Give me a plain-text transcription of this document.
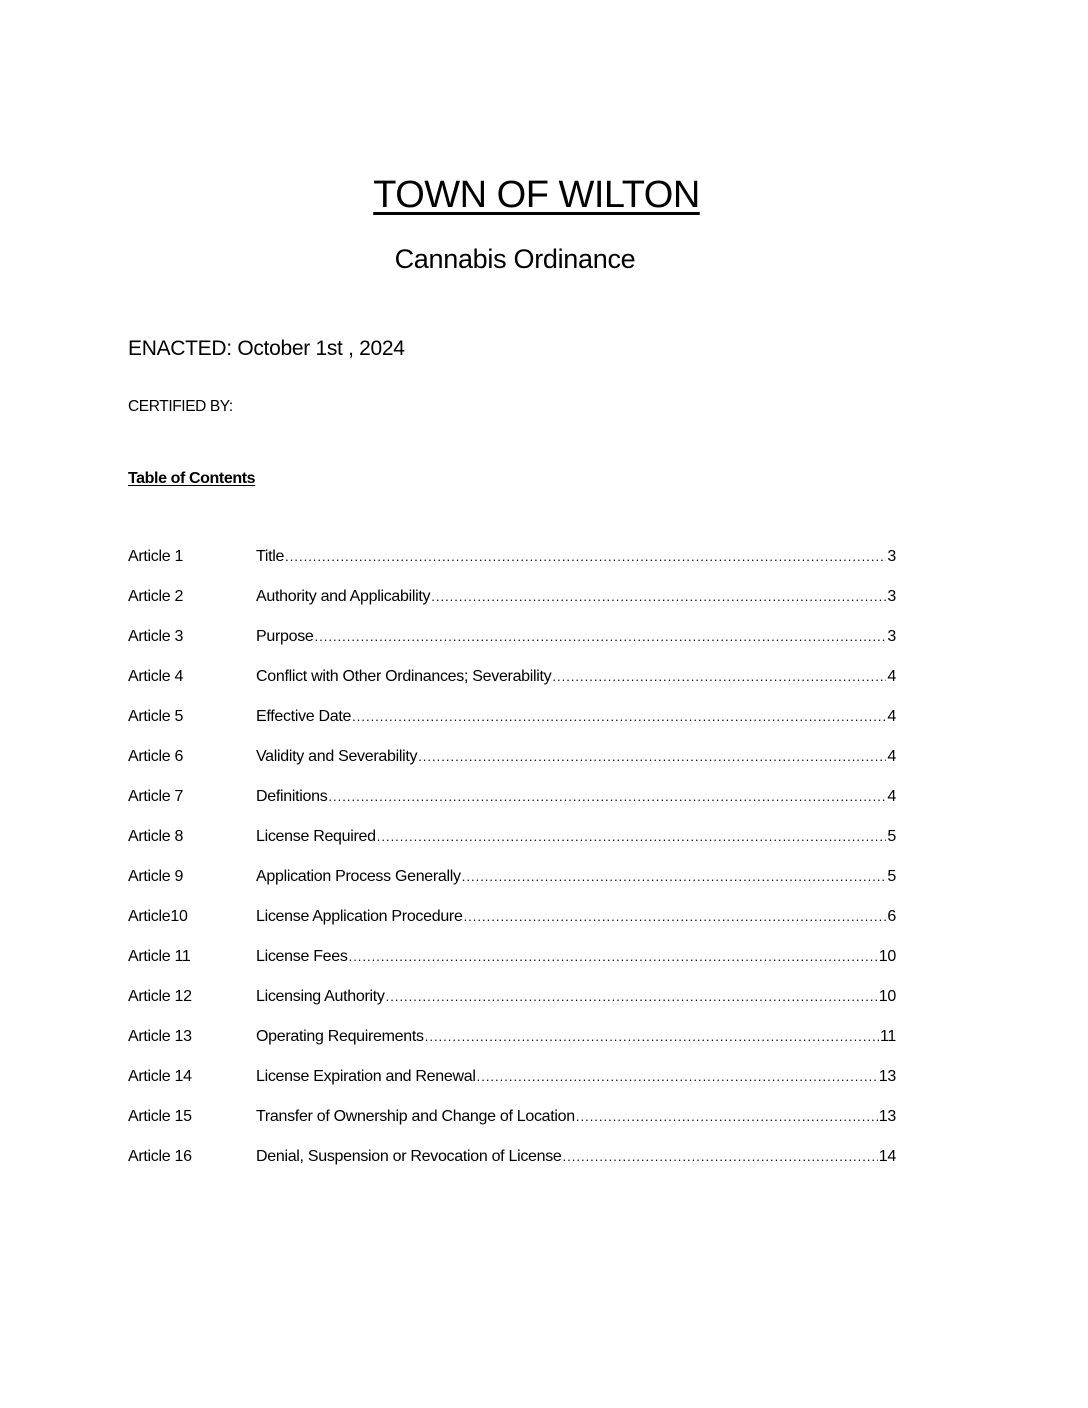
TOWN OF WILTON
Cannabis Ordinance
ENACTED: October 1st , 2024
CERTIFIED BY:
Table of Contents
Article 1	Title .....	3
Article 2	Authority and Applicability .....	3
Article 3	Purpose .....	3
Article 4	Conflict with Other Ordinances; Severability .....	4
Article 5	Effective Date .....	4
Article 6	Validity and Severability .....	4
Article 7	Definitions .....	4
Article 8	License Required .....	5
Article 9	Application Process Generally .....	5
Article10	License Application Procedure .....	6
Article 11	License Fees .....	10
Article 12	Licensing Authority .....	10
Article 13	Operating Requirements .....	11
Article 14	License Expiration and Renewal .....	13
Article 15	Transfer of Ownership and Change of Location .....	13
Article 16	Denial, Suspension or Revocation of License .....	14
